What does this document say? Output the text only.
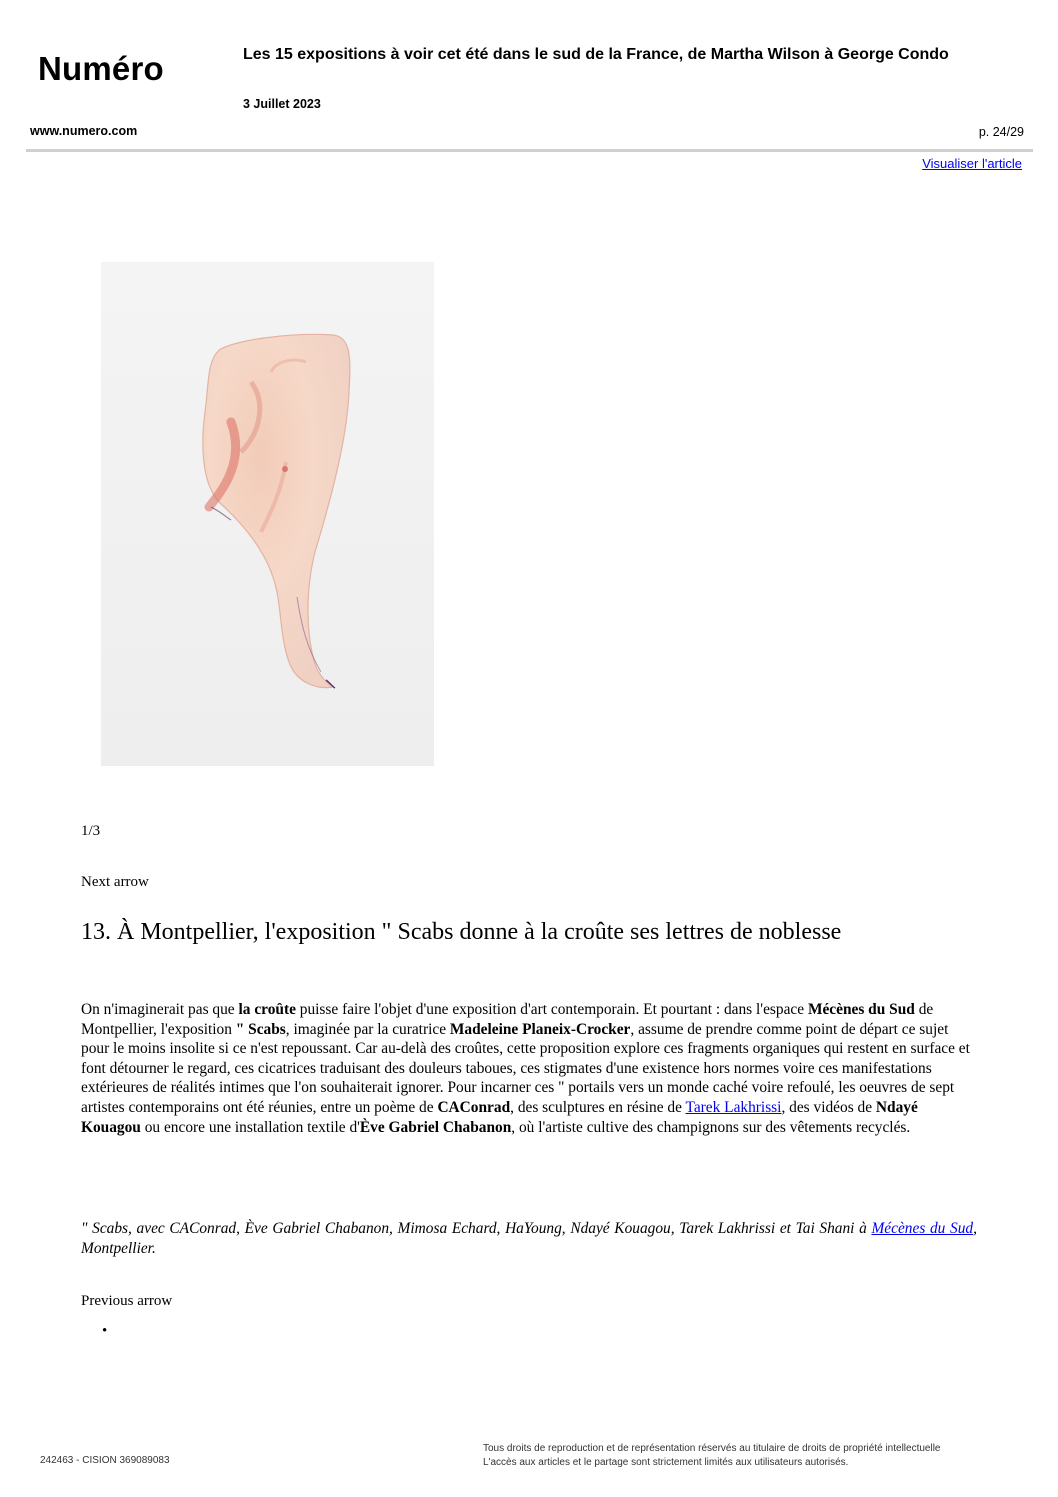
Numéro	Les 15 expositions à voir cet été dans le sud de la France, de Martha Wilson à George Condo
3 Juillet 2023
www.numero.com	p. 24/29
Visualiser l'article
1/3
Next arrow
13. À Montpellier, l'exposition " Scabs donne à la croûte ses lettres de noblesse

On n'imaginerait pas que la croûte puisse faire l'objet d'une exposition d'art contemporain. Et pourtant : dans l'espace Mécènes du Sud de Montpellier, l'exposition " Scabs, imaginée par la curatrice Madeleine Planeix-Crocker, assume de prendre comme point de départ ce sujet pour le moins insolite si ce n'est repoussant. Car au-delà des croûtes, cette proposition explore ces fragments organiques qui restent en surface et font détourner le regard, ces cicatrices traduisant des douleurs taboues, ces stigmates d'une existence hors normes voire ces manifestations extérieures de réalités intimes que l'on souhaiterait ignorer. Pour incarner ces " portails vers un monde caché voire refoulé, les oeuvres de sept artistes contemporains ont été réunies, entre un poème de CAConrad, des sculptures en résine de Tarek Lakhrissi, des vidéos de Ndayé Kouagou ou encore une installation textile d'Ève Gabriel Chabanon, où l'artiste cultive des champignons sur des vêtements recyclés.

" Scabs, avec CAConrad, Ève Gabriel Chabanon, Mimosa Echard, HaYoung, Ndayé Kouagou, Tarek Lakhrissi et Tai Shani à Mécènes du Sud, Montpellier.

Previous arrow
•
242463 - CISION 369089083
Tous droits de reproduction et de représentation réservés au titulaire de droits de propriété intellectuelle
L'accès aux articles et le partage sont strictement limités aux utilisateurs autorisés.
